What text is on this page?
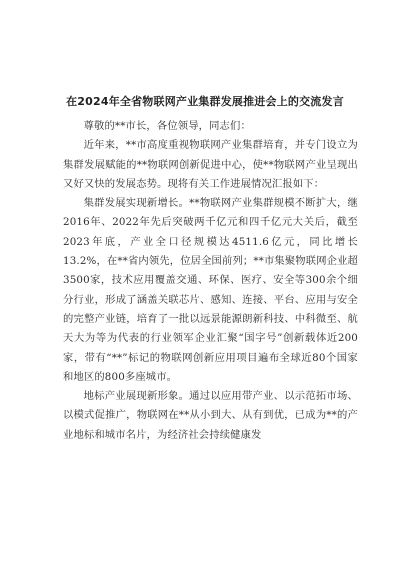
在2024年全省物联网产业集群发展推进会上的交流发言

尊敬的**市长，各位领导，同志们：

近年来，**市高度重视物联网产业集群培育，并专门设立为集群发展赋能的**物联网创新促进中心，使**物联网产业呈现出又好又快的发展态势。现将有关工作进展情况汇报如下：

集群发展实现新增长。**物联网产业集群规模不断扩大，继2016年、2022年先后突破两千亿元和四千亿元大关后，截至2023年底，产业全口径规模达4511.6亿元，同比增长13.2%，在**省内领先，位居全国前列；**市集聚物联网企业超3500家，技术应用覆盖交通、环保、医疗、安全等300余个细分行业，形成了涵盖关联芯片、感知、连接、平台、应用与安全的完整产业链，培育了一批以远景能源朗新科技、中科微至、航天大为等为代表的行业领军企业汇聚“国字号”创新载体近200家，带有“**”标记的物联网创新应用项目遍布全球近80个国家和地区的800多座城市。

地标产业展现新形象。通过以应用带产业、以示范拓市场、以模式促推广，物联网在**从小到大、从有到优，已成为**的产业地标和城市名片，为经济社会持续健康发
